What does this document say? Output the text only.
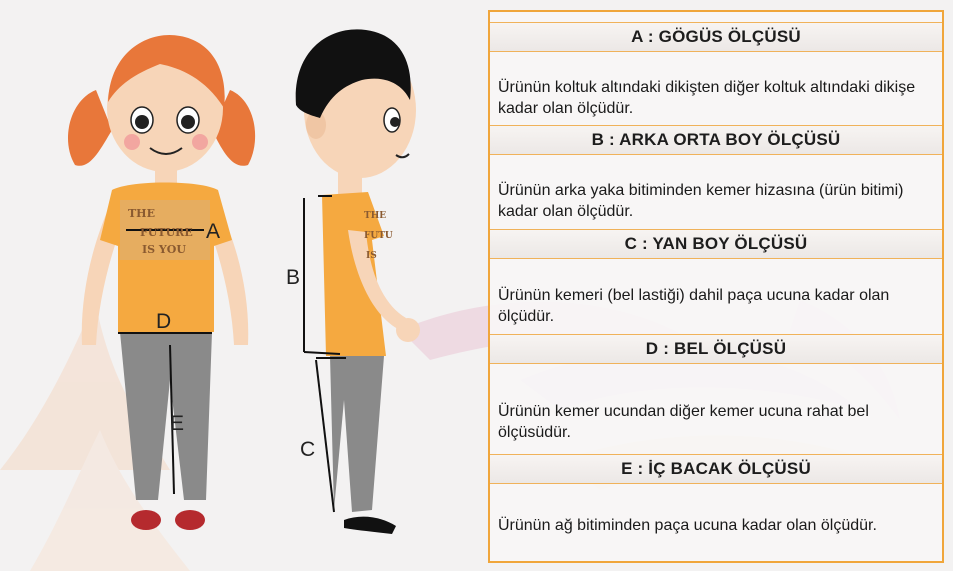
THE
FUTURE
IS YOU
THE
FUTU
IS
A
B
C
D
E
A : GÖGÜS ÖLÇÜSÜ
Ürünün koltuk altındaki dikişten diğer koltuk altındaki dikişe kadar olan ölçüdür.
B : ARKA ORTA BOY ÖLÇÜSÜ
Ürünün arka yaka bitiminden kemer hizasına (ürün bitimi) kadar olan ölçüdür.
C : YAN BOY ÖLÇÜSÜ
Ürünün kemeri (bel lastiği) dahil paça ucuna kadar olan ölçüdür.
D : BEL ÖLÇÜSÜ
Ürünün kemer ucundan diğer kemer ucuna rahat bel ölçüsüdür.
E : İÇ BACAK ÖLÇÜSÜ
Ürünün ağ bitiminden paça ucuna kadar olan ölçüdür.
